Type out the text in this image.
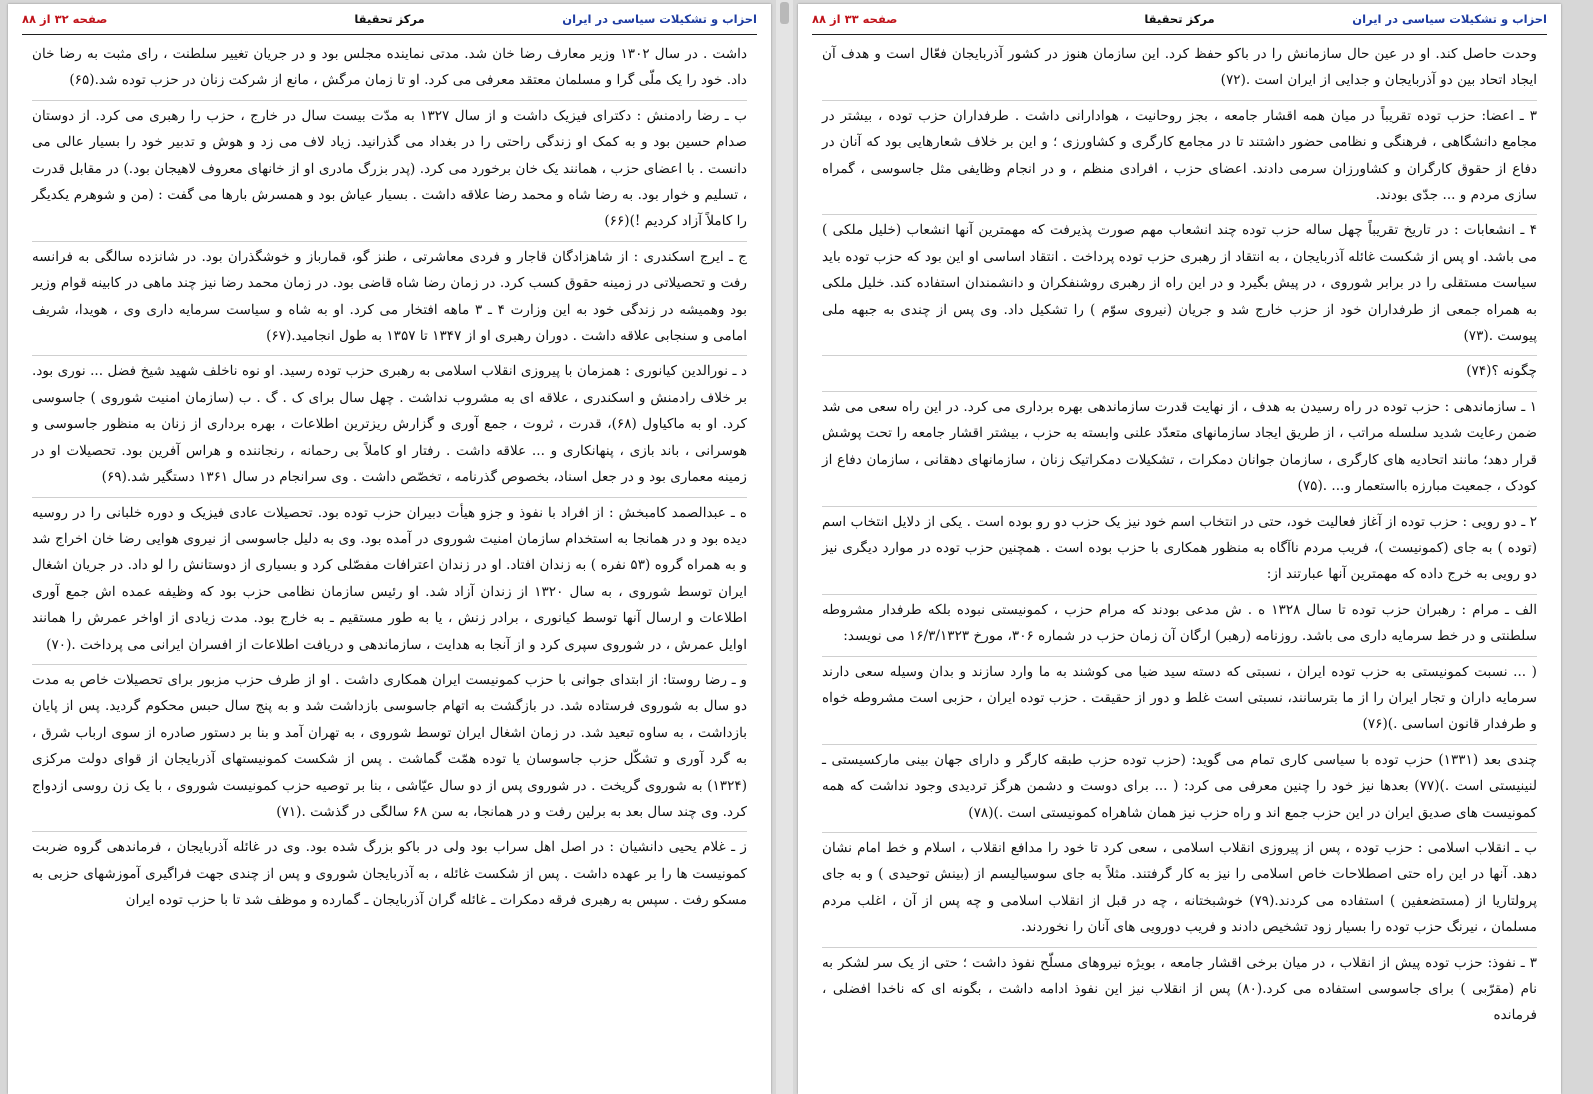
احزاب و تشکیلات سیاسی در ایران
مرکز تحقیقا
صفحه ۳۲ از ۸۸

داشت . در سال ۱۳۰۲ وزیر معارف رضا خان شد. مدتی نماینده مجلس بود و در جریان تغییر سلطنت ، رای مثبت به رضا خان داد. خود را یک ملّی گرا و مسلمان معتقد معرفی می کرد. او تا زمان مرگش ، مانع از شرکت زنان در حزب توده شد.(۶۵)

ب ـ رضا رادمنش : دکترای فیزیک داشت و از سال ۱۳۲۷ به مدّت بیست سال در خارج ، حزب را رهبری می کرد. از دوستان صدام حسین بود و به کمک او زندگی راحتی را در بغداد می گذرانید. زیاد لاف می زد و هوش و تدبیر خود را بسیار عالی می دانست . با اعضای حزب ، همانند یک خان برخورد می کرد. (پدر بزرگ مادری او از خانهای معروف لاهیجان بود.) در مقابل قدرت ، تسلیم و خوار بود. به رضا شاه و محمد رضا علاقه داشت . بسیار عیاش بود و همسرش بارها می گفت : (من و شوهرم یکدیگر را کاملاً آزاد کردیم !)(۶۶)

ج ـ ایرج اسکندری : از شاهزادگان قاجار و فردی معاشرتی ، طنز گو، قمارباز و خوشگذران بود. در شانزده سالگی به فرانسه رفت و تحصیلاتی در زمینه حقوق کسب کرد. در زمان رضا شاه قاضی بود. در زمان محمد رضا نیز چند ماهی در کابینه قوام وزیر بود وهمیشه در زندگی خود به این وزارت ۴ ـ ۳ ماهه افتخار می کرد. او به شاه و سیاست سرمایه داری وی ، هویدا، شریف امامی و سنجابی علاقه داشت . دوران رهبری او از ۱۳۴۷ تا ۱۳۵۷ به طول انجامید.(۶۷)

د ـ نورالدین کیانوری : همزمان با پیروزی انقلاب اسلامی به رهبری حزب توده رسید. او نوه ناخلف شهید شیخ فضل ... نوری بود. بر خلاف رادمنش و اسکندری ، علاقه ای به مشروب نداشت . چهل سال برای ک . گ . ب (سازمان امنیت شوروی ) جاسوسی کرد. او به ماکیاول (۶۸)، قدرت ، ثروت ، جمع آوری و گزارش ریزترین اطلاعات ، بهره برداری از زنان به منظور جاسوسی و هوسرانی ، باند بازی ، پنهانکاری و ... علاقه داشت . رفتار او کاملاً بی رحمانه ، رنجاننده و هراس آفرین بود. تحصیلات او در زمینه معماری بود و در جعل اسناد، بخصوص گذرنامه ، تخصّص داشت . وی سرانجام در سال ۱۳۶۱ دستگیر شد.(۶۹)

ه ـ عبدالصمد کامبخش : از افراد با نفوذ و جزو هیأت دبیران حزب توده بود. تحصیلات عادی فیزیک و دوره خلبانی را در روسیه دیده بود و در همانجا به استخدام سازمان امنیت شوروی در آمده بود. وی به دلیل جاسوسی از نیروی هوایی رضا خان اخراج شد و به همراه گروه (۵۳ نفره ) به زندان افتاد. او در زندان اعترافات مفصّلی کرد و بسیاری از دوستانش را لو داد. در جریان اشغال ایران توسط شوروی ، به سال ۱۳۲۰ از زندان آزاد شد. او رئیس سازمان نظامی حزب بود که وظیفه عمده اش جمع آوری اطلاعات و ارسال آنها توسط کیانوری ، برادر زنش ، یا به طور مستقیم ـ به خارج بود. مدت زیادی از اواخر عمرش را همانند اوایل عمرش ، در شوروی سپری کرد و از آنجا به هدایت ، سازماندهی و دریافت اطلاعات از افسران ایرانی می پرداخت .(۷۰)

و ـ رضا روستا: از ابتدای جوانی با حزب کمونیست ایران همکاری داشت . او از طرف حزب مزبور برای تحصیلات خاص به مدت دو سال به شوروی فرستاده شد. در بازگشت به اتهام جاسوسی بازداشت شد و به پنج سال حبس محکوم گردید. پس از پایان بازداشت ، به ساوه تبعید شد. در زمان اشغال ایران توسط شوروی ، به تهران آمد و بنا بر دستور صادره از سوی ارباب شرق ، به گرد آوری و تشکّل حزب جاسوسان یا توده همّت گماشت . پس از شکست کمونیستهای آذربایجان از قوای دولت مرکزی (۱۳۲۴) به شوروی گریخت . در شوروی پس از دو سال عیّاشی ، بنا بر توصیه حزب کمونیست شوروی ، با یک زن روسی ازدواج کرد. وی چند سال بعد به برلین رفت و در همانجا، به سن ۶۸ سالگی در گذشت .(۷۱)

ز ـ غلام یحیی دانشیان : در اصل اهل سراب بود ولی در باکو بزرگ شده بود. وی در غائله آذربایجان ، فرماندهی گروه ضربت کمونیست ها را بر عهده داشت . پس از شکست غائله ، به آذربایجان شوروی و پس از چندی جهت فراگیری آموزشهای حزبی به مسکو رفت . سپس به رهبری فرقه دمکرات ـ غائله گران آذربایجان ـ گمارده و موظف شد تا با حزب توده ایران

احزاب و تشکیلات سیاسی در ایران
مرکز تحقیقا
صفحه ۳۳ از ۸۸

وحدت حاصل کند. او در عین حال سازمانش را در باکو حفظ کرد. این سازمان هنوز در کشور آذربایجان فعّال است و هدف آن ایجاد اتحاد بین دو آذربایجان و جدایی از ایران است .(۷۲)

۳ ـ اعضا: حزب توده تقریباً در میان همه اقشار جامعه ، بجز روحانیت ، هوادارانی داشت . طرفداران حزب توده ، بیشتر در مجامع دانشگاهی ، فرهنگی و نظامی حضور داشتند تا در مجامع کارگری و کشاورزی ؛ و این بر خلاف شعارهایی بود که آنان در دفاع از حقوق کارگران و کشاورزان سرمی دادند. اعضای حزب ، افرادی منظم ، و در انجام وظایفی مثل جاسوسی ، گمراه سازی مردم و ... جدّی بودند.

۴ ـ انشعابات : در تاریخ تقریباً چهل ساله حزب توده چند انشعاب مهم صورت پذیرفت که مهمترین آنها انشعاب (خلیل ملکی ) می باشد. او پس از شکست غائله آذربایجان ، به انتقاد از رهبری حزب توده پرداخت . انتقاد اساسی او این بود که حزب توده باید سیاست مستقلی را در برابر شوروی ، در پیش بگیرد و در این راه از رهبری روشنفکران و دانشمندان استفاده کند. خلیل ملکی به همراه جمعی از طرفداران خود از حزب خارج شد و جریان (نیروی سوّم ) را تشکیل داد. وی پس از چندی به جبهه ملی پیوست .(۷۳)

چگونه ؟(۷۴)

۱ ـ سازماندهی : حزب توده در راه رسیدن به هدف ، از نهایت قدرت سازماندهی بهره برداری می کرد. در این راه سعی می شد ضمن رعایت شدید سلسله مراتب ، از طریق ایجاد سازمانهای متعدّد علنی وابسته به حزب ، بیشتر اقشار جامعه را تحت پوشش قرار دهد؛ مانند اتحادیه های کارگری ، سازمان جوانان دمکرات ، تشکیلات دمکراتیک زنان ، سازمانهای دهقانی ، سازمان دفاع از کودک ، جمعیت مبارزه بااستعمار و... .(۷۵)

۲ ـ دو رویی : حزب توده از آغاز فعالیت خود، حتی در انتخاب اسم خود نیز یک حزب دو رو بوده است . یکی از دلایل انتخاب اسم (توده ) به جای (کمونیست )، فریب مردم ناآگاه به منظور همکاری با حزب بوده است . همچنین حزب توده در موارد دیگری نیز دو رویی به خرج داده که مهمترین آنها عبارتند از:

الف ـ مرام : رهبران حزب توده تا سال ۱۳۲۸ ه . ش مدعی بودند که مرام حزب ، کمونیستی نبوده بلکه طرفدار مشروطه سلطنتی و در خط سرمایه داری می باشد. روزنامه (رهبر) ارگان آن زمان حزب در شماره ۳۰۶، مورخ ۱۶/۳/۱۳۲۳ می نویسد:

( ... نسبت کمونیستی به حزب توده ایران ، نسبتی که دسته سید ضیا می کوشند به ما وارد سازند و بدان وسیله سعی دارند سرمایه داران و تجار ایران را از ما بترسانند، نسبتی است غلط و دور از حقیقت . حزب توده ایران ، حزبی است مشروطه خواه و طرفدار قانون اساسی .)(۷۶)

چندی بعد (۱۳۳۱) حزب توده با سیاسی کاری تمام می گوید: (حزب توده حزب طبقه کارگر و دارای جهان بینی مارکسیستی ـ لنینیستی است .)(۷۷) بعدها نیز خود را چنین معرفی می کرد: ( ... برای دوست و دشمن هرگز تردیدی وجود نداشت که همه کمونیست های صدیق ایران در این حزب جمع اند و راه حزب نیز همان شاهراه کمونیستی است .)(۷۸)

ب ـ انقلاب اسلامی : حزب توده ، پس از پیروزی انقلاب اسلامی ، سعی کرد تا خود را مدافع انقلاب ، اسلام و خط امام نشان دهد. آنها در این راه حتی اصطلاحات خاص اسلامی را نیز به کار گرفتند. مثلاً به جای سوسیالیسم از (بینش توحیدی ) و به جای پرولتاریا از (مستضعفین ) استفاده می کردند.(۷۹) خوشبختانه ، چه در قبل از انقلاب اسلامی و چه پس از آن ، اغلب مردم مسلمان ، نیرنگ حزب توده را بسیار زود تشخیص دادند و فریب دورویی های آنان را نخوردند.

۳ ـ نفوذ: حزب توده پیش از انقلاب ، در میان برخی اقشار جامعه ، بویژه نیروهای مسلّح نفوذ داشت ؛ حتی از یک سر لشکر به نام (مقرّبی ) برای جاسوسی استفاده می کرد.(۸۰) پس از انقلاب نیز این نفوذ ادامه داشت ، بگونه ای که ناخدا افضلی ، فرمانده
